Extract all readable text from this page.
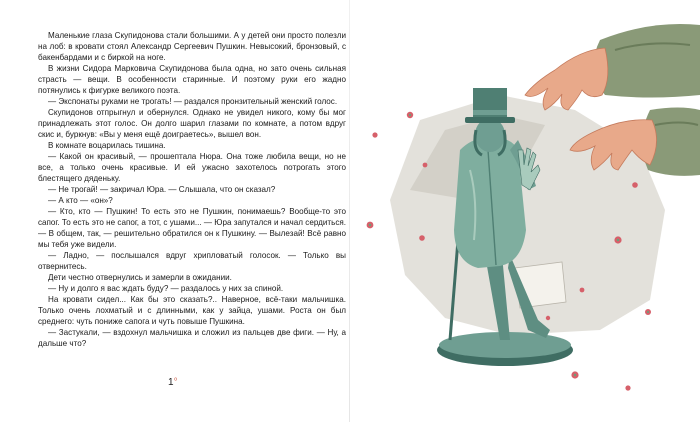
Маленькие глаза Скупидонова стали большими. А у детей они просто полезли на лоб: в кровати стоял Александр Сергеевич Пушкин. Невысокий, бронзовый, с бакенбардами и с биркой на ноге.

В жизни Сидора Марковича Скупидонова была одна, но зато очень сильная страсть — вещи. В особенности старинные. И поэтому руки его жадно потянулись к фигурке великого поэта.

— Экспонаты руками не трогать! — раздался пронзительный женский голос.

Скупидонов отпрыгнул и обернулся. Однако не увидел никого, кому бы мог принадлежать этот голос. Он долго шарил глазами по комнате, а потом вдруг скис и, буркнув: «Вы у меня ещё доиграетесь», вышел вон.

В комнате воцарилась тишина.

— Какой он красивый, — прошептала Нюра. Она тоже любила вещи, но не все, а только очень красивые. И ей ужасно захотелось потрогать этого блестящего дяденьку.

— Не трогай! — закричал Юра. — Слышала, что он сказал?

— А кто — «он»?

— Кто, кто — Пушкин! То есть это не Пушкин, понимаешь? Вообще-то это сапог. То есть это не сапог, а тот, с ушами... — Юра запутался и начал сердиться. — В общем, так, — решительно обратился он к Пушкину. — Вылезай! Всё равно мы тебя уже видели.

— Ладно, — послышался вдруг хрипловатый голосок. — Только вы отвернитесь.

Дети честно отвернулись и замерли в ожидании.

— Ну и долго я вас ждать буду? — раздалось у них за спиной.

На кровати сидел... Как бы это сказать?.. Наверное, всё-таки мальчишка. Только очень лохматый и с длинными, как у зайца, ушами. Роста он был среднего: чуть пониже сапога и чуть повыше Пушкина.

— Застукали, — вздохнул мальчишка и сложил из пальцев две фиги. — Ну, а дальше что?

1°
